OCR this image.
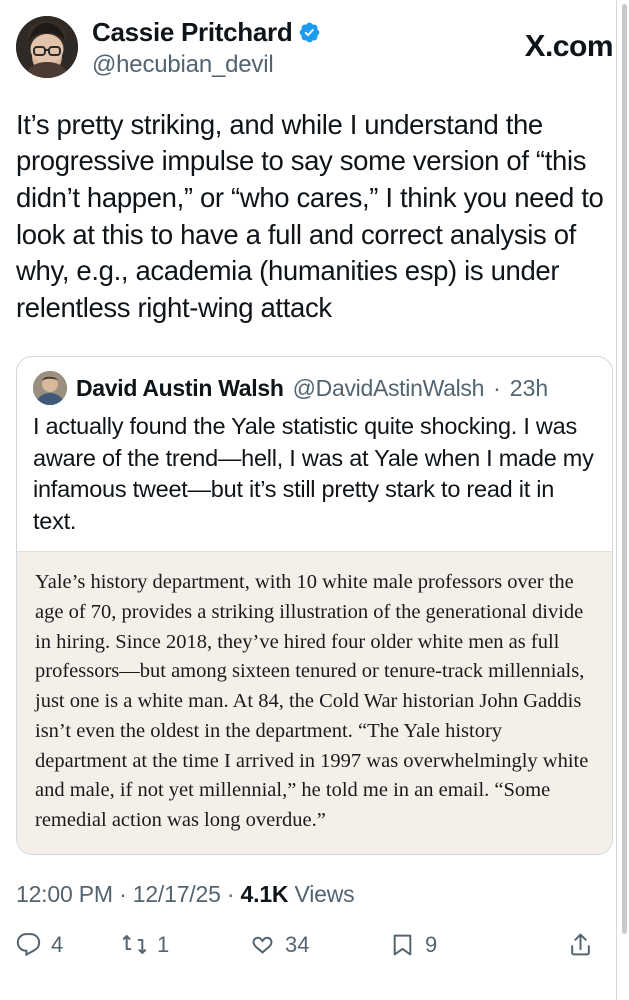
Cassie Pritchard
@hecubian_devil
X .com
It’s pretty striking, and while I understand the progressive impulse to say some version of “this didn’t happen,” or “who cares,” I think you need to look at this to have a full and correct analysis of why, e.g., academia (humanities esp) is under relentless right-wing attack
David Austin Walsh @DavidAstinWalsh · 23h
I actually found the Yale statistic quite shocking. I was aware of the trend—hell, I was at Yale when I made my infamous tweet—but it’s still pretty stark to read it in text.

Yale’s history department, with 10 white male professors over the age of 70, provides a striking illustration of the generational divide in hiring. Since 2018, they’ve hired four older white men as full professors—but among sixteen tenured or tenure-track millennials, just one is a white man. At 84, the Cold War historian John Gaddis isn’t even the oldest in the department. “The Yale history department at the time I arrived in 1997 was overwhelmingly white and male, if not yet millennial,” he told me in an email. “Some remedial action was long overdue.”

12:00 PM · 12/17/25 · 4.1K Views
4	1	34	9
